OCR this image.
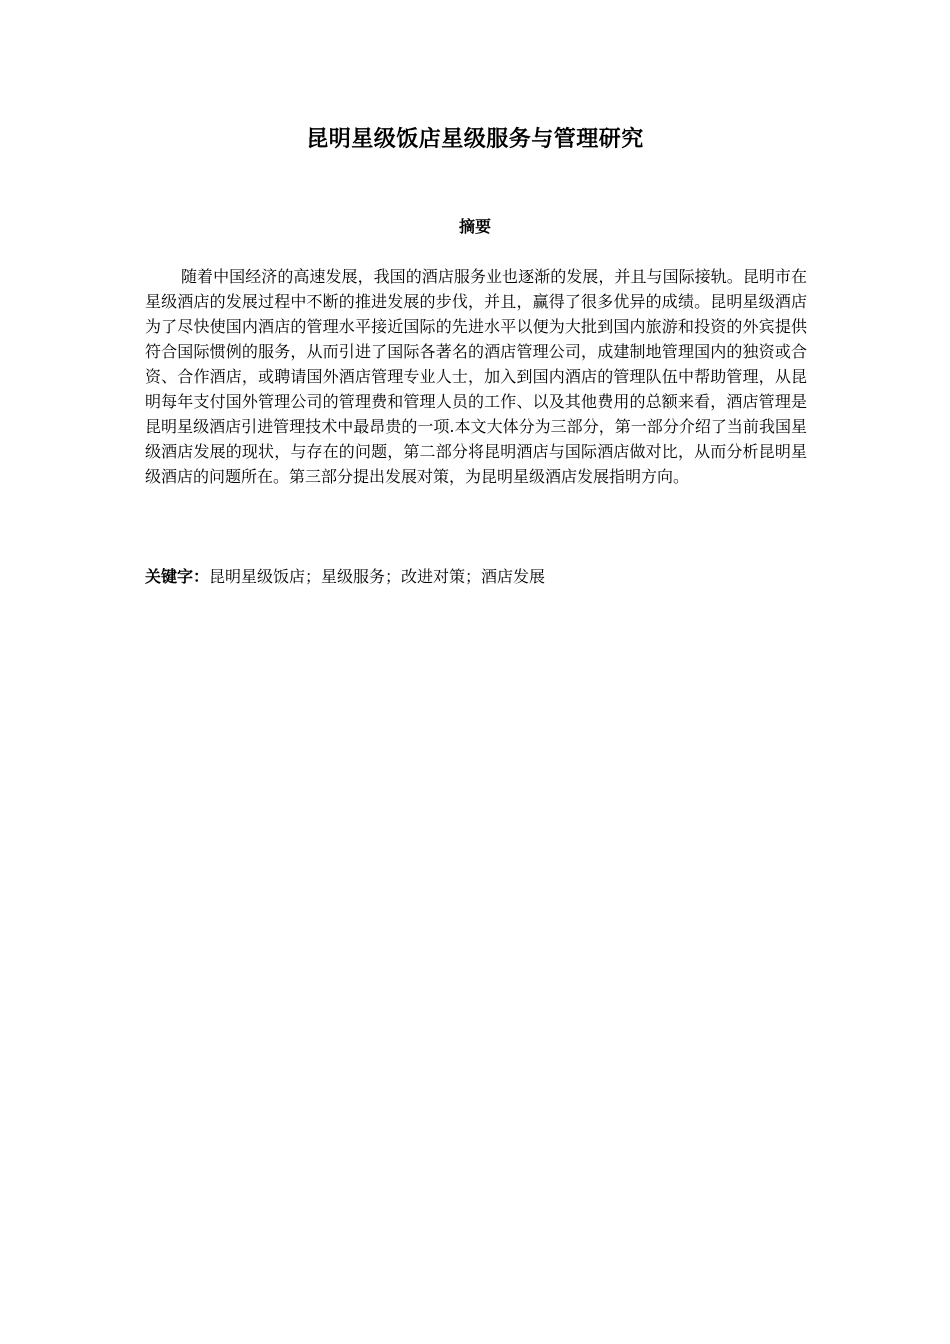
昆明星级饭店星级服务与管理研究
摘要

随着中国经济的高速发展，我国的酒店服务业也逐渐的发展，并且与国际接轨。昆明市在星级酒店的发展过程中不断的推进发展的步伐，并且，赢得了很多优异的成绩。昆明星级酒店为了尽快使国内酒店的管理水平接近国际的先进水平以便为大批到国内旅游和投资的外宾提供符合国际惯例的服务，从而引进了国际各著名的酒店管理公司，成建制地管理国内的独资或合资、合作酒店，或聘请国外酒店管理专业人士，加入到国内酒店的管理队伍中帮助管理，从昆明每年支付国外管理公司的管理费和管理人员的工作、以及其他费用的总额来看，酒店管理是昆明星级酒店引进管理技术中最昂贵的一项.本文大体分为三部分，第一部分介绍了当前我国星级酒店发展的现状，与存在的问题，第二部分将昆明酒店与国际酒店做对比，从而分析昆明星级酒店的问题所在。第三部分提出发展对策，为昆明星级酒店发展指明方向。

关键字：昆明星级饭店；星级服务；改进对策；酒店发展
